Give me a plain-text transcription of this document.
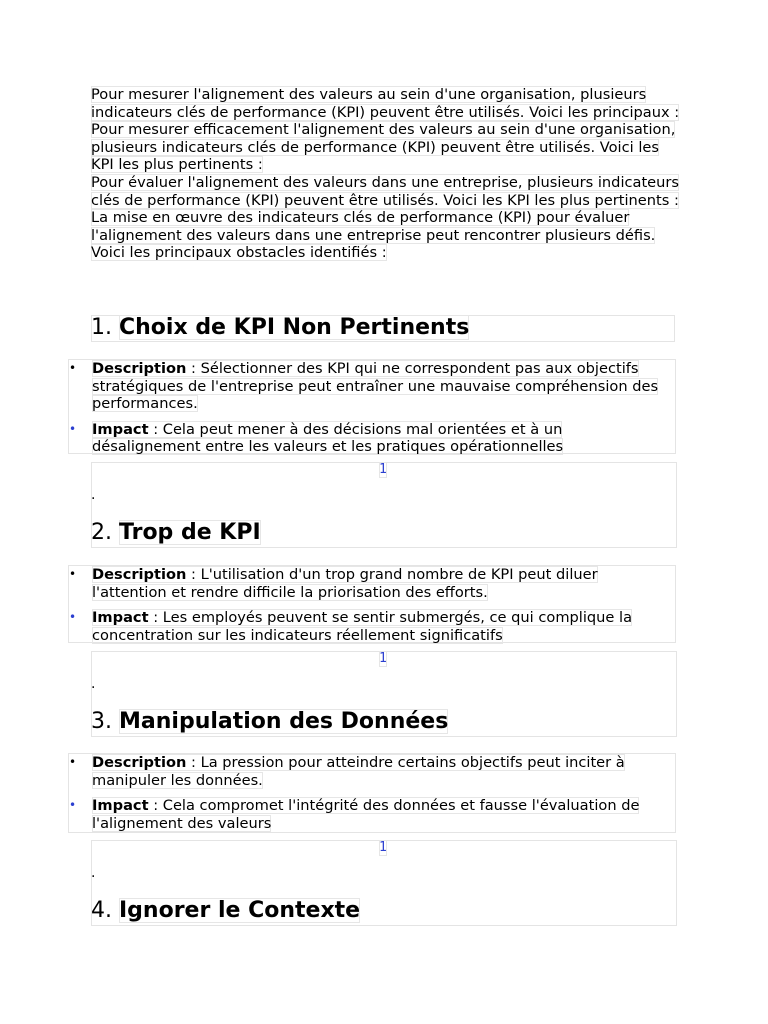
Pour mesurer l'alignement des valeurs au sein d'une organisation, plusieurs indicateurs clés de performance (KPI) peuvent être utilisés. Voici les principaux :

Pour mesurer efficacement l'alignement des valeurs au sein d'une organisation, plusieurs indicateurs clés de performance (KPI) peuvent être utilisés. Voici les KPI les plus pertinents :

Pour évaluer l'alignement des valeurs dans une entreprise, plusieurs indicateurs clés de performance (KPI) peuvent être utilisés. Voici les KPI les plus pertinents :

La mise en œuvre des indicateurs clés de performance (KPI) pour évaluer l'alignement des valeurs dans une entreprise peut rencontrer plusieurs défis. Voici les principaux obstacles identifiés :

1. Choix de KPI Non Pertinents
• Description : Sélectionner des KPI qui ne correspondent pas aux objectifs stratégiques de l'entreprise peut entraîner une mauvaise compréhension des performances.
• Impact : Cela peut mener à des décisions mal orientées et à un désalignement entre les valeurs et les pratiques opérationnelles
1
.
2. Trop de KPI
• Description : L'utilisation d'un trop grand nombre de KPI peut diluer l'attention et rendre difficile la priorisation des efforts.
• Impact : Les employés peuvent se sentir submergés, ce qui complique la concentration sur les indicateurs réellement significatifs
1
.
3. Manipulation des Données
• Description : La pression pour atteindre certains objectifs peut inciter à manipuler les données.
• Impact : Cela compromet l'intégrité des données et fausse l'évaluation de l'alignement des valeurs
1
.
4. Ignorer le Contexte
